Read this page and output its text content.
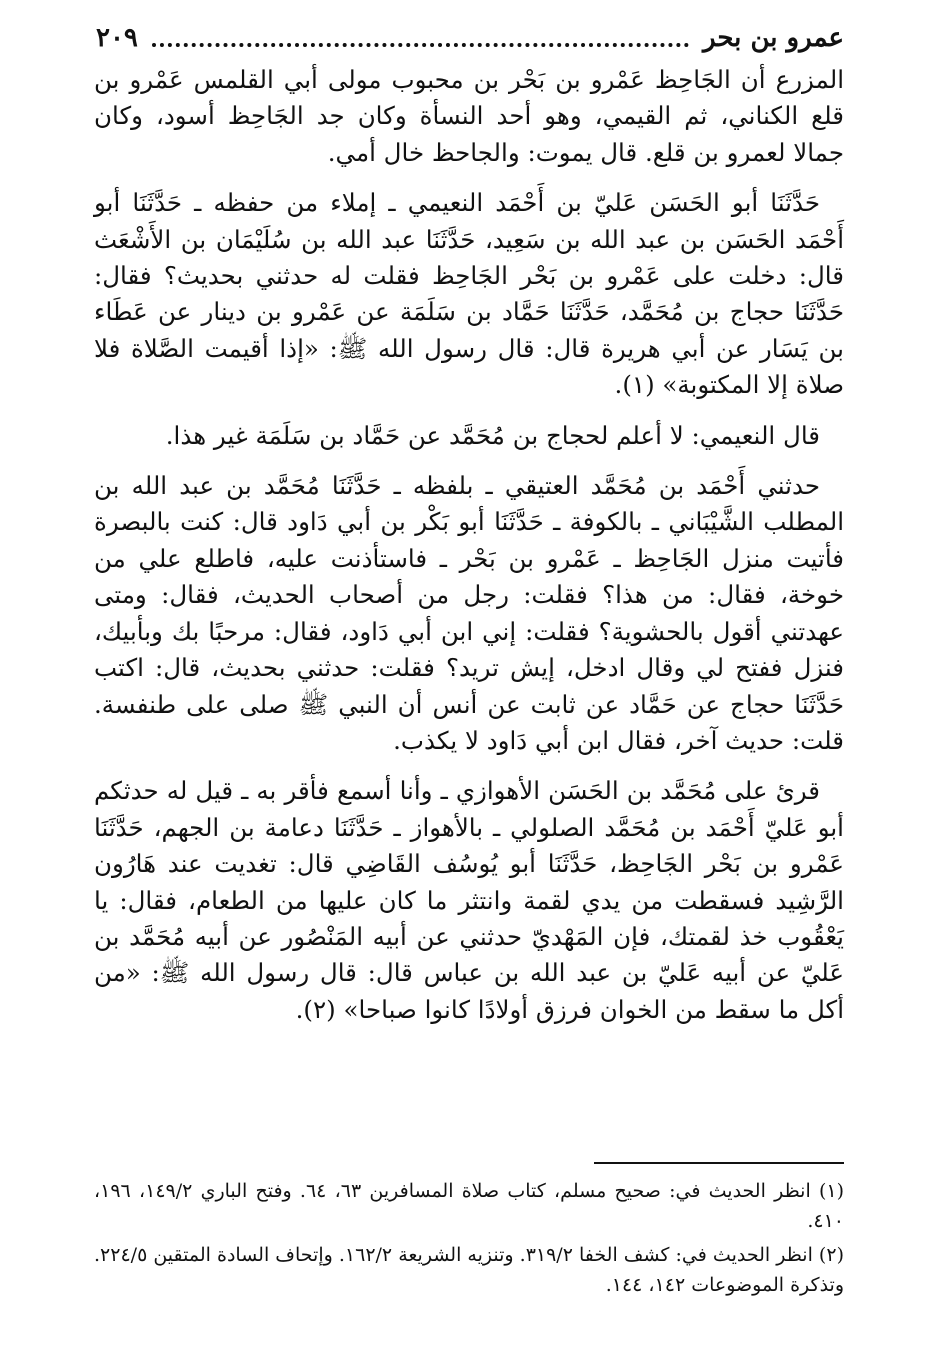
عمرو بن بحر
٢٠٩

المزرع أن الجَاحِظ عَمْرو بن بَحْر بن محبوب مولى أبي القلمس عَمْرو بن قلع الكناني، ثم القيمي، وهو أحد النسأة وكان جد الجَاحِظ أسود، وكان جمالا لعمرو بن قلع. قال يموت: والجاحظ خال أمي.

حَدَّثَنَا أبو الحَسَن عَليّ بن أَحْمَد النعيمي ـ إملاء من حفظه ـ حَدَّثَنَا أبو أَحْمَد الحَسَن بن عبد الله بن سَعِيد، حَدَّثَنَا عبد الله بن سُلَيْمَان بن الأَشْعَث قال: دخلت على عَمْرو بن بَحْر الجَاحِظ فقلت له حدثني بحديث؟ فقال: حَدَّثَنَا حجاج بن مُحَمَّد، حَدَّثَنَا حَمَّاد بن سَلَمَة عن عَمْرو بن دينار عن عَطَاء بن يَسَار عن أبي هريرة قال: قال رسول الله ﷺ: «إذا أقيمت الصَّلاة فلا صلاة إلا المكتوبة» (١).

قال النعيمي: لا أعلم لحجاج بن مُحَمَّد عن حَمَّاد بن سَلَمَة غير هذا.

حدثني أَحْمَد بن مُحَمَّد العتيقي ـ بلفظه ـ حَدَّثَنَا مُحَمَّد بن عبد الله بن المطلب الشَّيْبَاني ـ بالكوفة ـ حَدَّثَنَا أبو بَكْر بن أبي دَاود قال: كنت بالبصرة فأتيت منزل الجَاحِظ ـ عَمْرو بن بَحْر ـ فاستأذنت عليه، فاطلع علي من خوخة، فقال: من هذا؟ فقلت: رجل من أصحاب الحديث، فقال: ومتى عهدتني أقول بالحشوية؟ فقلت: إني ابن أبي دَاود، فقال: مرحبًا بك وبأبيك، فنزل ففتح لي وقال ادخل، إيش تريد؟ فقلت: حدثني بحديث، قال: اكتب حَدَّثَنَا حجاج عن حَمَّاد عن ثابت عن أنس أن النبي ﷺ صلى على طنفسة. قلت: حديث آخر، فقال ابن أبي دَاود لا يكذب.

قرئ على مُحَمَّد بن الحَسَن الأهوازي ـ وأنا أسمع فأقر به ـ قيل له حدثكم أبو عَليّ أَحْمَد بن مُحَمَّد الصلولي ـ بالأهواز ـ حَدَّثَنَا دعامة بن الجهم، حَدَّثَنَا عَمْرو بن بَحْر الجَاحِظ، حَدَّثَنَا أبو يُوسُف القَاضِي قال: تغديت عند هَارُون الرَّشِيد فسقطت من يدي لقمة وانتثر ما كان عليها من الطعام، فقال: يا يَعْقُوب خذ لقمتك، فإن المَهْديّ حدثني عن أبيه المَنْصُور عن أبيه مُحَمَّد بن عَليّ عن أبيه عَليّ بن عبد الله بن عباس قال: قال رسول الله ﷺ: «من أكل ما سقط من الخوان فرزق أولادًا كانوا صباحا» (٢).

(١) انظر الحديث في: صحيح مسلم، كتاب صلاة المسافرين ٦٣، ٦٤. وفتح الباري ١٤٩/٢، ١٩٦، ٤١٠.

(٢) انظر الحديث في: كشف الخفا ٣١٩/٢. وتنزيه الشريعة ١٦٢/٢. وإتحاف السادة المتقين ٢٢٤/٥. وتذكرة الموضوعات ١٤٢، ١٤٤.
